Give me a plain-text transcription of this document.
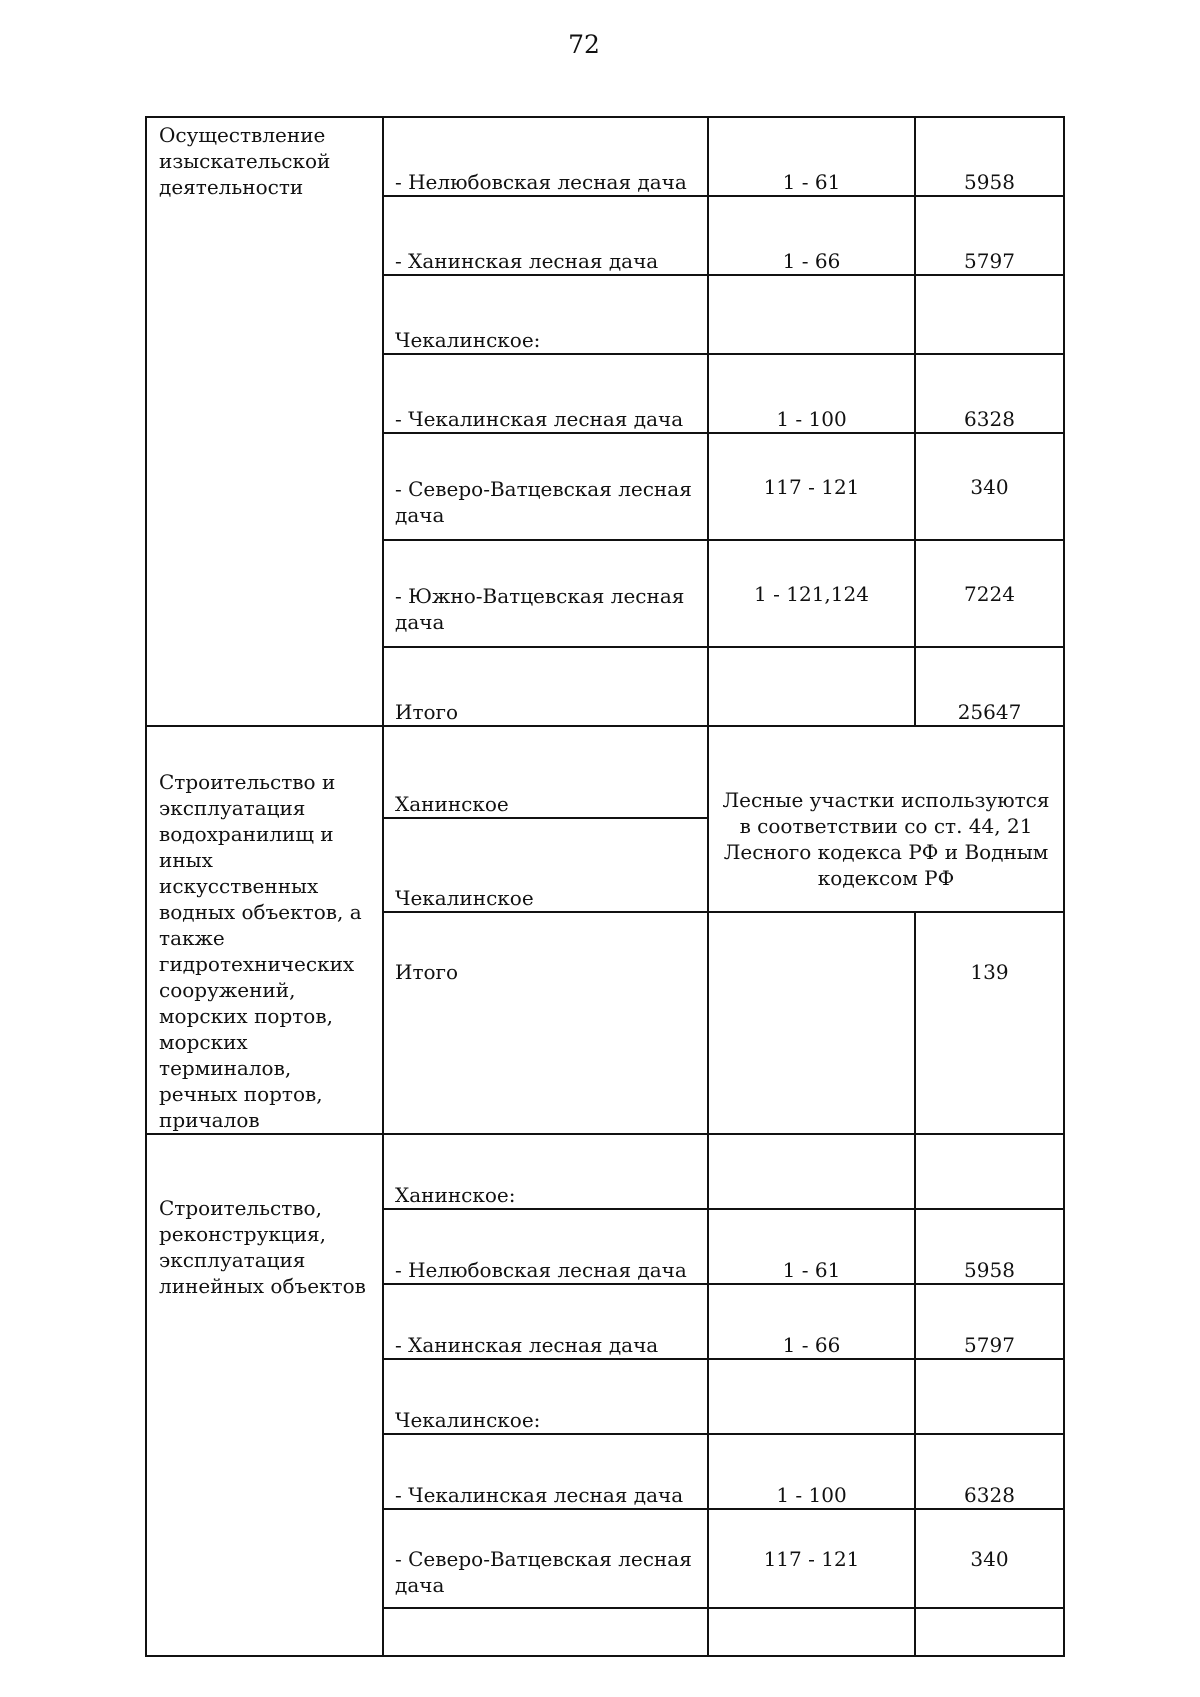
72
Осуществление изыскательской деятельности	- Нелюбовская лесная дача	1 - 61	5958
	- Ханинская лесная дача	1 - 66	5797
	Чекалинское:		
	- Чекалинская лесная дача	1 - 100	6328
	- Северо-Ватцевская лесная дача	117 - 121	340
	- Южно-Ватцевская лесная дача	1 - 121,124	7224
	Итого		25647
Строительство и эксплуатация водохранилищ и иных искусственных водных объектов, а также гидротехнических сооружений, морских портов, морских терминалов, речных портов, причалов	Ханинское	Лесные участки используются в соответствии со ст. 44, 21 Лесного кодекса РФ и Водным кодексом РФ	
	Чекалинское		
	Итого		139
Строительство, реконструкция, эксплуатация линейных объектов	Ханинское:		
	- Нелюбовская лесная дача	1 - 61	5958
	- Ханинская лесная дача	1 - 66	5797
	Чекалинское:		
	- Чекалинская лесная дача	1 - 100	6328
	- Северо-Ватцевская лесная дача	117 - 121	340
